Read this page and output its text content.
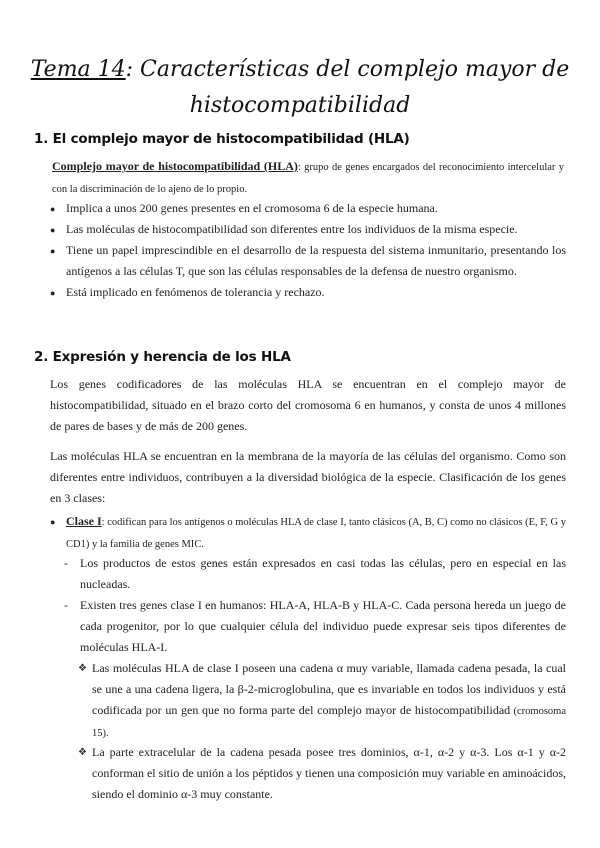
Tema 14: Características del complejo mayor de
histocompatibilidad
1. El complejo mayor de histocompatibilidad (HLA)

Complejo mayor de histocompatibilidad (HLA): grupo de genes encargados del reconocimiento intercelular y con la discriminación de lo ajeno de lo propio.

● Implica a unos 200 genes presentes en el cromosoma 6 de la especie humana.

● Las moléculas de histocompatibilidad son diferentes entre los individuos de la misma especie.

● Tiene un papel imprescindible en el desarrollo de la respuesta del sistema inmunitario, presentando los antígenos a las células T, que son las células responsables de la defensa de nuestro organismo.

● Está implicado en fenómenos de tolerancia y rechazo.

2. Expresión y herencia de los HLA

Los genes codificadores de las moléculas HLA se encuentran en el complejo mayor de histocompatibilidad, situado en el brazo corto del cromosoma 6 en humanos, y consta de unos 4 millones de pares de bases y de más de 200 genes.

Las moléculas HLA se encuentran en la membrana de la mayoría de las células del organismo. Como son diferentes entre individuos, contribuyen a la diversidad biológica de la especie. Clasificación de los genes en 3 clases:

● Clase I: codifican para los antígenos o moléculas HLA de clase I, tanto clásicos (A, B, C) como no clásicos (E, F, G y CD1) y la familia de genes MIC.

- Los productos de estos genes están expresados en casi todas las células, pero en especial en las nucleadas.

- Existen tres genes clase I en humanos: HLA-A, HLA-B y HLA-C. Cada persona hereda un juego de cada progenitor, por lo que cualquier célula del individuo puede expresar seis tipos diferentes de moléculas HLA-I.

❖ Las moléculas HLA de clase I poseen una cadena α muy variable, llamada cadena pesada, la cual se une a una cadena ligera, la β-2-microglobulina, que es invariable en todos los individuos y está codificada por un gen que no forma parte del complejo mayor de histocompatibilidad (cromosoma 15).

❖ La parte extracelular de la cadena pesada posee tres dominios, α-1, α-2 y α-3. Los α-1 y α-2 conforman el sitio de unión a los péptidos y tienen una composición muy variable en aminoácidos, siendo el dominio α-3 muy constante.
